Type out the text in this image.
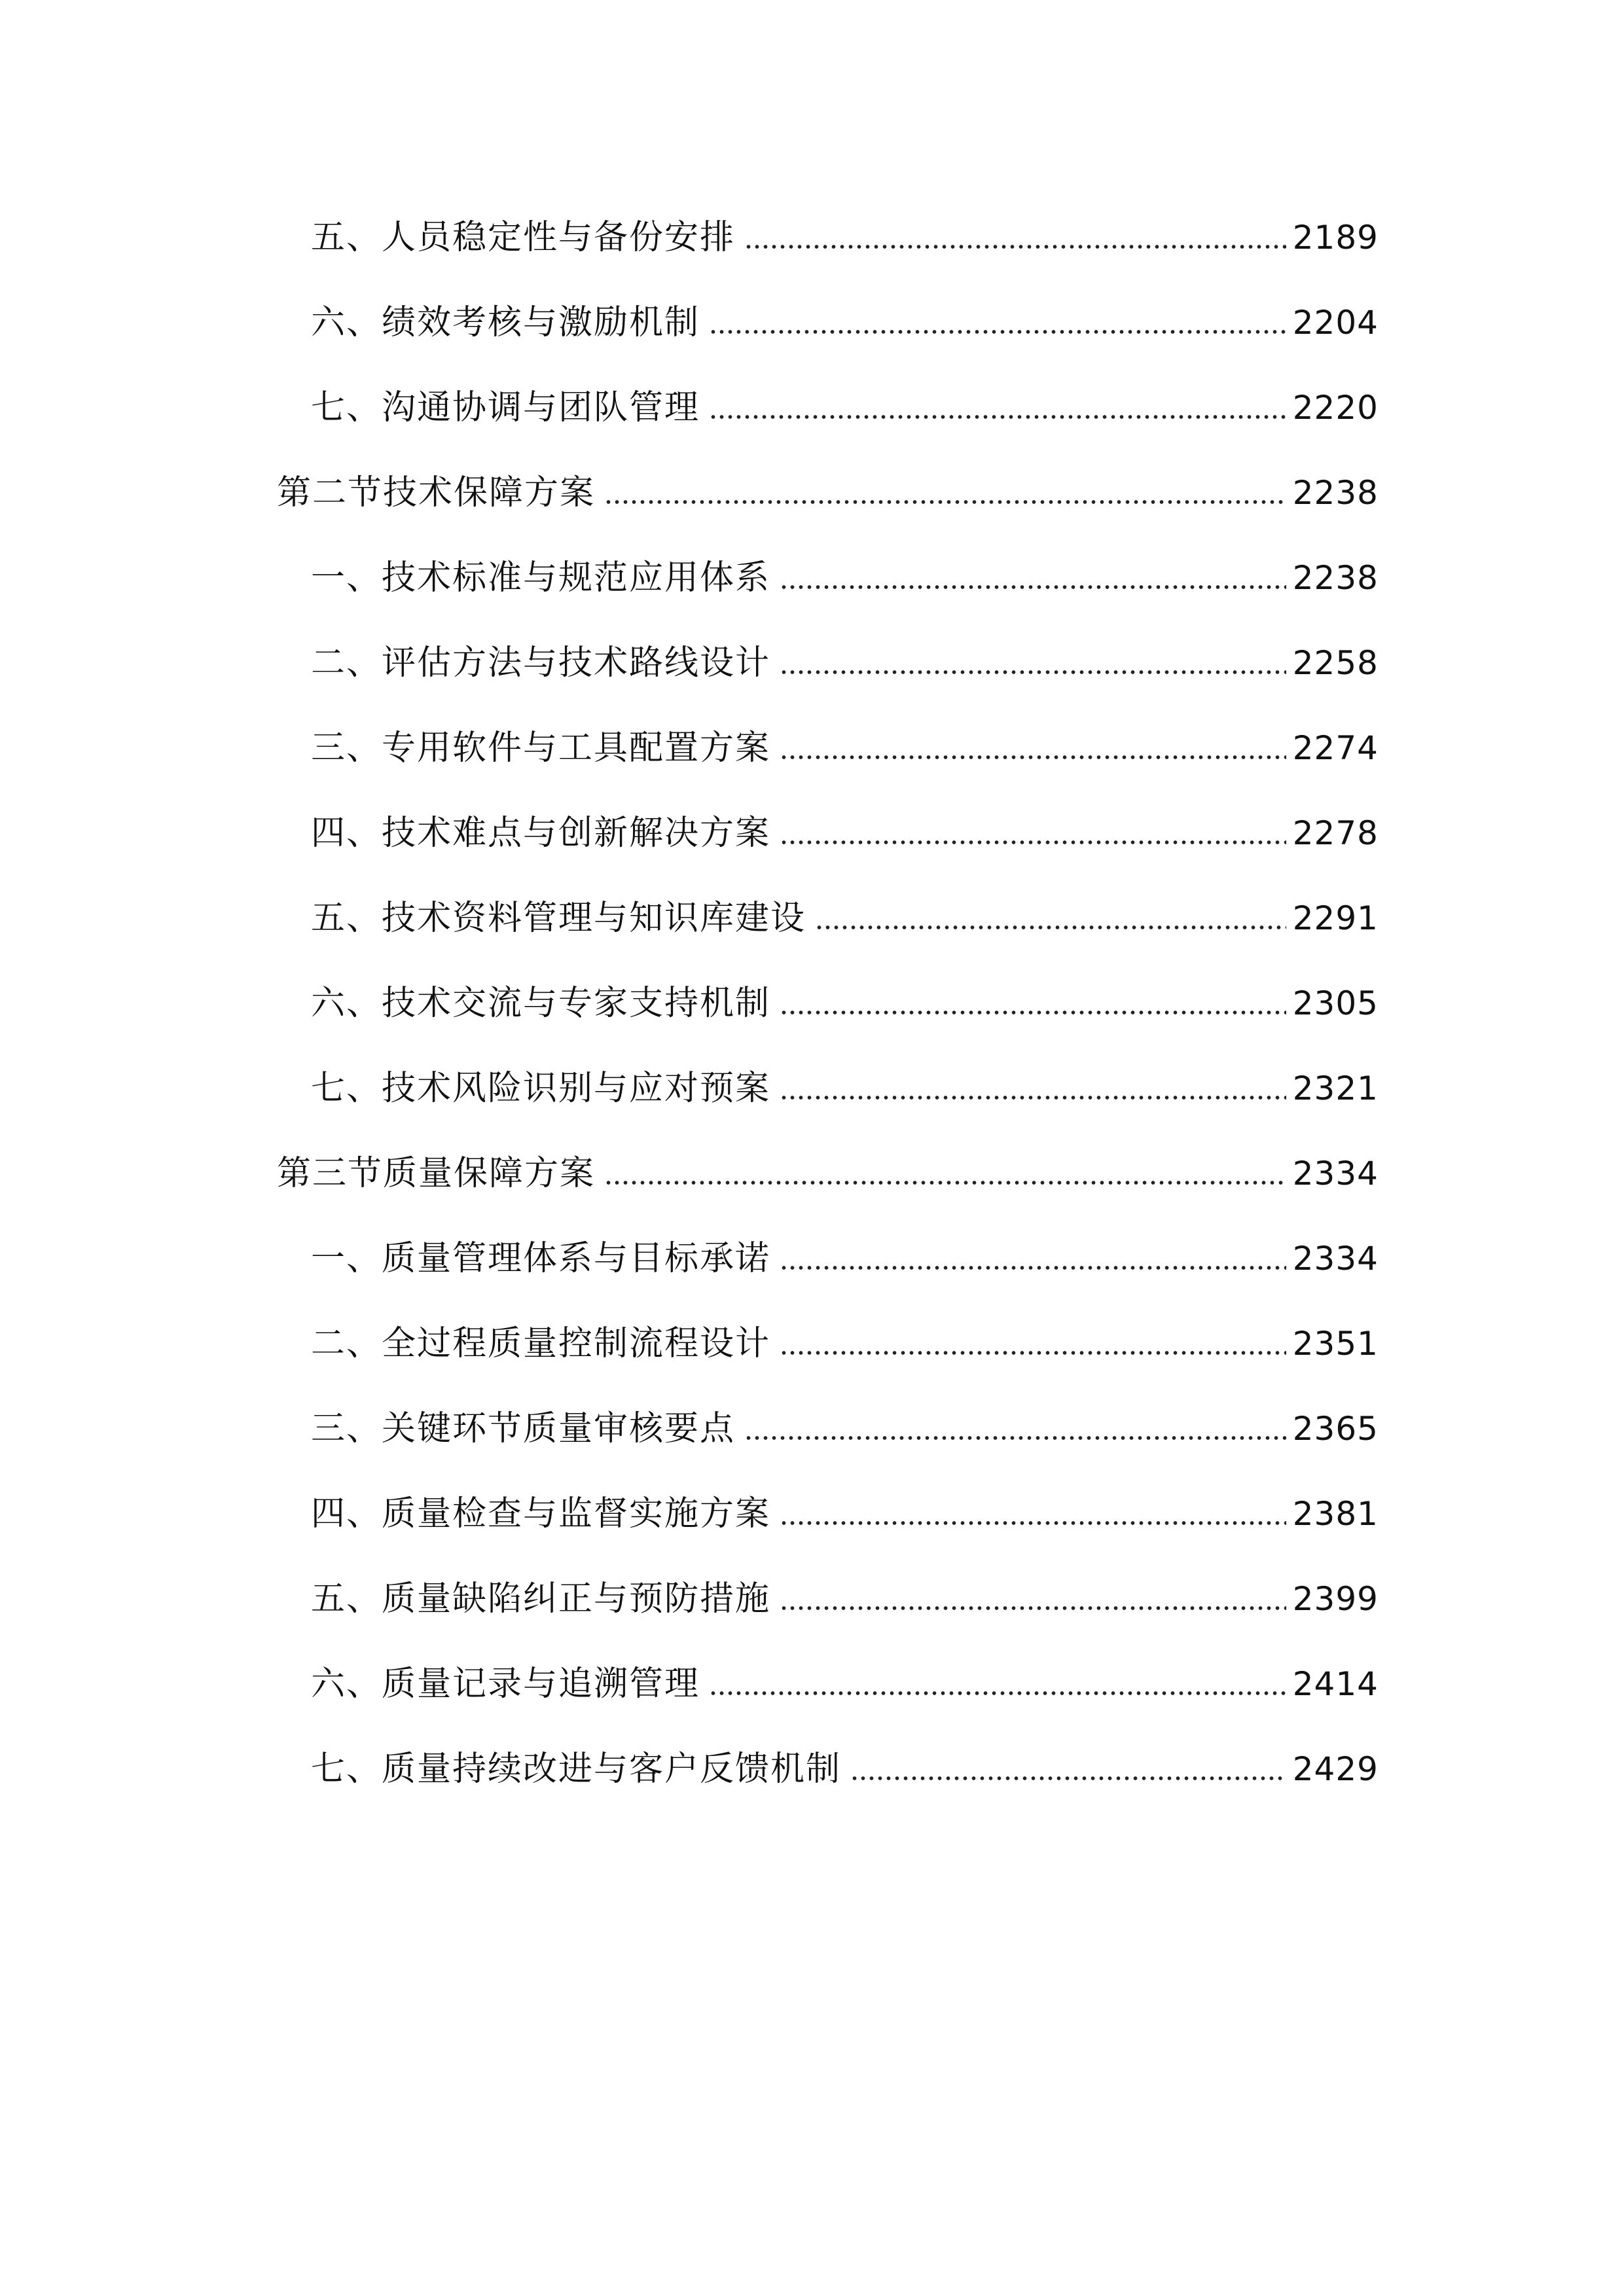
五、人员稳定性与备份安排	2189
六、绩效考核与激励机制	2204
七、沟通协调与团队管理	2220
第二节技术保障方案	2238
一、技术标准与规范应用体系	2238
二、评估方法与技术路线设计	2258
三、专用软件与工具配置方案	2274
四、技术难点与创新解决方案	2278
五、技术资料管理与知识库建设	2291
六、技术交流与专家支持机制	2305
七、技术风险识别与应对预案	2321
第三节质量保障方案	2334
一、质量管理体系与目标承诺	2334
二、全过程质量控制流程设计	2351
三、关键环节质量审核要点	2365
四、质量检查与监督实施方案	2381
五、质量缺陷纠正与预防措施	2399
六、质量记录与追溯管理	2414
七、质量持续改进与客户反馈机制	2429
